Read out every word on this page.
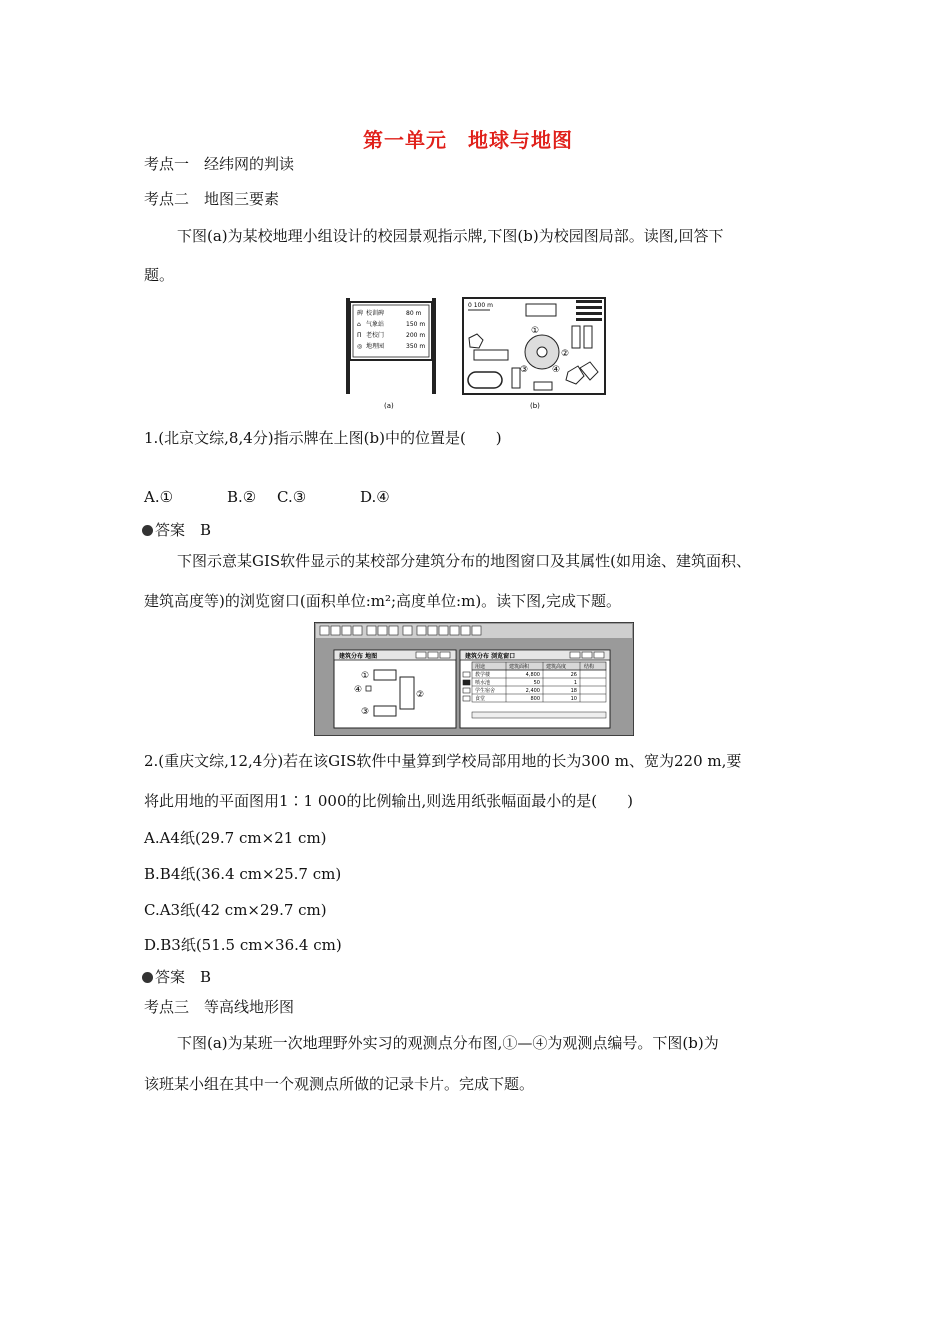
第一单元　地球与地图
考点一　经纬网的判读
考点二　地图三要素
下图(a)为某校地理小组设计的校园景观指示牌,下图(b)为校园图局部。读图,回答下
题。
碑 校训碑	80 m
⌂ 气象站	150 m
Π 老校门	200 m
◎ 地理园	350 m
(a)
0 100 m
①
②
③	④
(b)
1.(北京文综,8,4分)指示牌在上图(b)中的位置是(　　)
A.①	B.② C.③	D.④
答案　B
下图示意某GIS软件显示的某校部分建筑分布的地图窗口及其属性(如用途、建筑面积、
建筑高度等)的浏览窗口(面积单位:m²;高度单位:m)。读下图,完成下题。
建筑分布 地图
①
②
③
④
建筑分布 浏览窗口
用途	建筑面积	建筑高度	结构
教学楼	4,800	26
喷水池	50	1
学生宿舍	2,400	18
食堂	800	10
2.(重庆文综,12,4分)若在该GIS软件中量算到学校局部用地的长为300 m、宽为220 m,要
将此用地的平面图用1∶1 000的比例输出,则选用纸张幅面最小的是(　　)
A.A4纸(29.7 cm×21 cm)
B.B4纸(36.4 cm×25.7 cm)
C.A3纸(42 cm×29.7 cm)
D.B3纸(51.5 cm×36.4 cm)
答案　B
考点三　等高线地形图
下图(a)为某班一次地理野外实习的观测点分布图,①—④为观测点编号。下图(b)为
该班某小组在其中一个观测点所做的记录卡片。完成下题。
